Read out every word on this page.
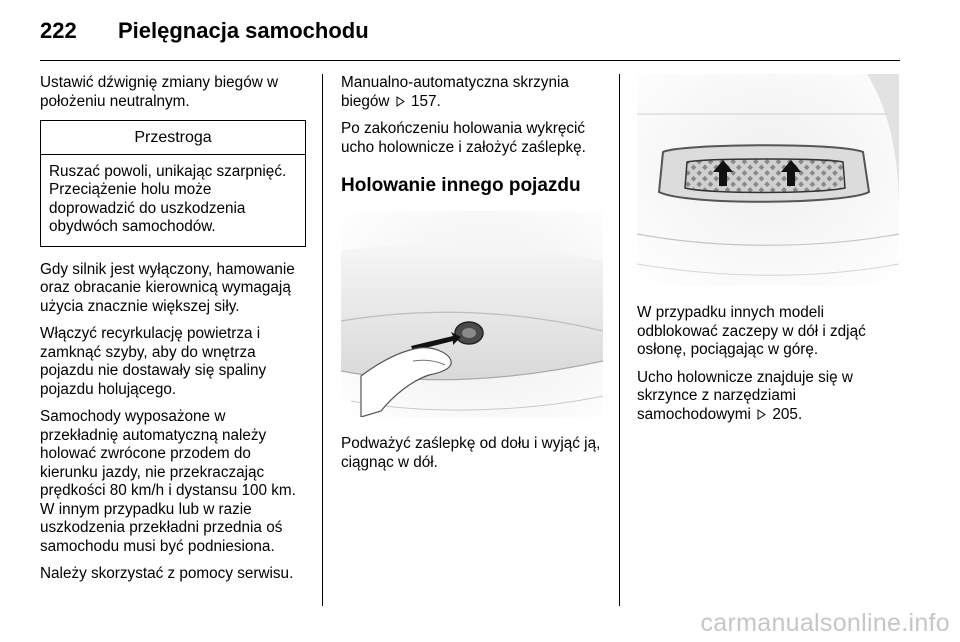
222 Pielęgnacja samochodu

Ustawić dźwignię zmiany biegów w położeniu neutralnym.

Przestroga
Ruszać powoli, unikając szarpnięć. Przeciążenie holu może doprowadzić do uszkodzenia obydwóch samochodów.

Gdy silnik jest wyłączony, hamowanie oraz obracanie kierownicą wymagają użycia znacznie większej siły.

Włączyć recyrkulację powietrza i zamknąć szyby, aby do wnętrza pojazdu nie dostawały się spaliny pojazdu holującego.

Samochody wyposażone w przekładnię automatyczną należy holować zwrócone przodem do kierunku jazdy, nie przekraczając prędkości 80 km/h i dystansu 100 km. W innym przypadku lub w razie uszkodzenia przekładni przednia oś samochodu musi być podniesiona.

Należy skorzystać z pomocy serwisu.

Manualno-automatyczna skrzynia biegów 157.

Po zakończeniu holowania wykręcić ucho holownicze i założyć zaślepkę.

Holowanie innego pojazdu

Podważyć zaślepkę od dołu i wyjąć ją, ciągnąc w dół.

W przypadku innych modeli odblokować zaczepy w dół i zdjąć osłonę, pociągając w górę.

Ucho holownicze znajduje się w skrzynce z narzędziami samochodowymi 205.

carmanualsonline.info
